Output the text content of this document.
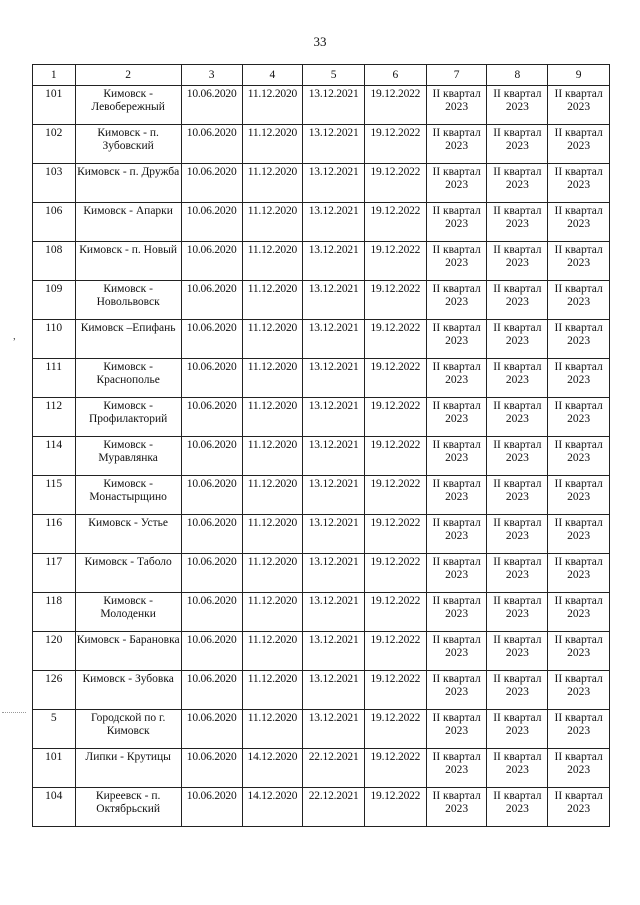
33
,
1	2	3	4	5	6	7	8	9
101	Кимовск - Левобережный	10.06.2020	11.12.2020	13.12.2021	19.12.2022	II квартал 2023	II квартал 2023	II квартал 2023
102	Кимовск - п. Зубовский	10.06.2020	11.12.2020	13.12.2021	19.12.2022	II квартал 2023	II квартал 2023	II квартал 2023
103	Кимовск - п. Дружба	10.06.2020	11.12.2020	13.12.2021	19.12.2022	II квартал 2023	II квартал 2023	II квартал 2023
106	Кимовск - Апарки	10.06.2020	11.12.2020	13.12.2021	19.12.2022	II квартал 2023	II квартал 2023	II квартал 2023
108	Кимовск - п. Новый	10.06.2020	11.12.2020	13.12.2021	19.12.2022	II квартал 2023	II квартал 2023	II квартал 2023
109	Кимовск - Новольвовск	10.06.2020	11.12.2020	13.12.2021	19.12.2022	II квартал 2023	II квартал 2023	II квартал 2023
110	Кимовск –Епифань	10.06.2020	11.12.2020	13.12.2021	19.12.2022	II квартал 2023	II квартал 2023	II квартал 2023
111	Кимовск - Краснополье	10.06.2020	11.12.2020	13.12.2021	19.12.2022	II квартал 2023	II квартал 2023	II квартал 2023
112	Кимовск - Профилакторий	10.06.2020	11.12.2020	13.12.2021	19.12.2022	II квартал 2023	II квартал 2023	II квартал 2023
114	Кимовск - Муравлянка	10.06.2020	11.12.2020	13.12.2021	19.12.2022	II квартал 2023	II квартал 2023	II квартал 2023
115	Кимовск - Монастырщино	10.06.2020	11.12.2020	13.12.2021	19.12.2022	II квартал 2023	II квартал 2023	II квартал 2023
116	Кимовск - Устье	10.06.2020	11.12.2020	13.12.2021	19.12.2022	II квартал 2023	II квартал 2023	II квартал 2023
117	Кимовск - Таболо	10.06.2020	11.12.2020	13.12.2021	19.12.2022	II квартал 2023	II квартал 2023	II квартал 2023
118	Кимовск - Молоденки	10.06.2020	11.12.2020	13.12.2021	19.12.2022	II квартал 2023	II квартал 2023	II квартал 2023
120	Кимовск - Барановка	10.06.2020	11.12.2020	13.12.2021	19.12.2022	II квартал 2023	II квартал 2023	II квартал 2023
126	Кимовск - Зубовка	10.06.2020	11.12.2020	13.12.2021	19.12.2022	II квартал 2023	II квартал 2023	II квартал 2023
5	Городской по г. Кимовск	10.06.2020	11.12.2020	13.12.2021	19.12.2022	II квартал 2023	II квартал 2023	II квартал 2023
101	Липки - Крутицы	10.06.2020	14.12.2020	22.12.2021	19.12.2022	II квартал 2023	II квартал 2023	II квартал 2023
104	Киреевск - п. Октябрьский	10.06.2020	14.12.2020	22.12.2021	19.12.2022	II квартал 2023	II квартал 2023	II квартал 2023
